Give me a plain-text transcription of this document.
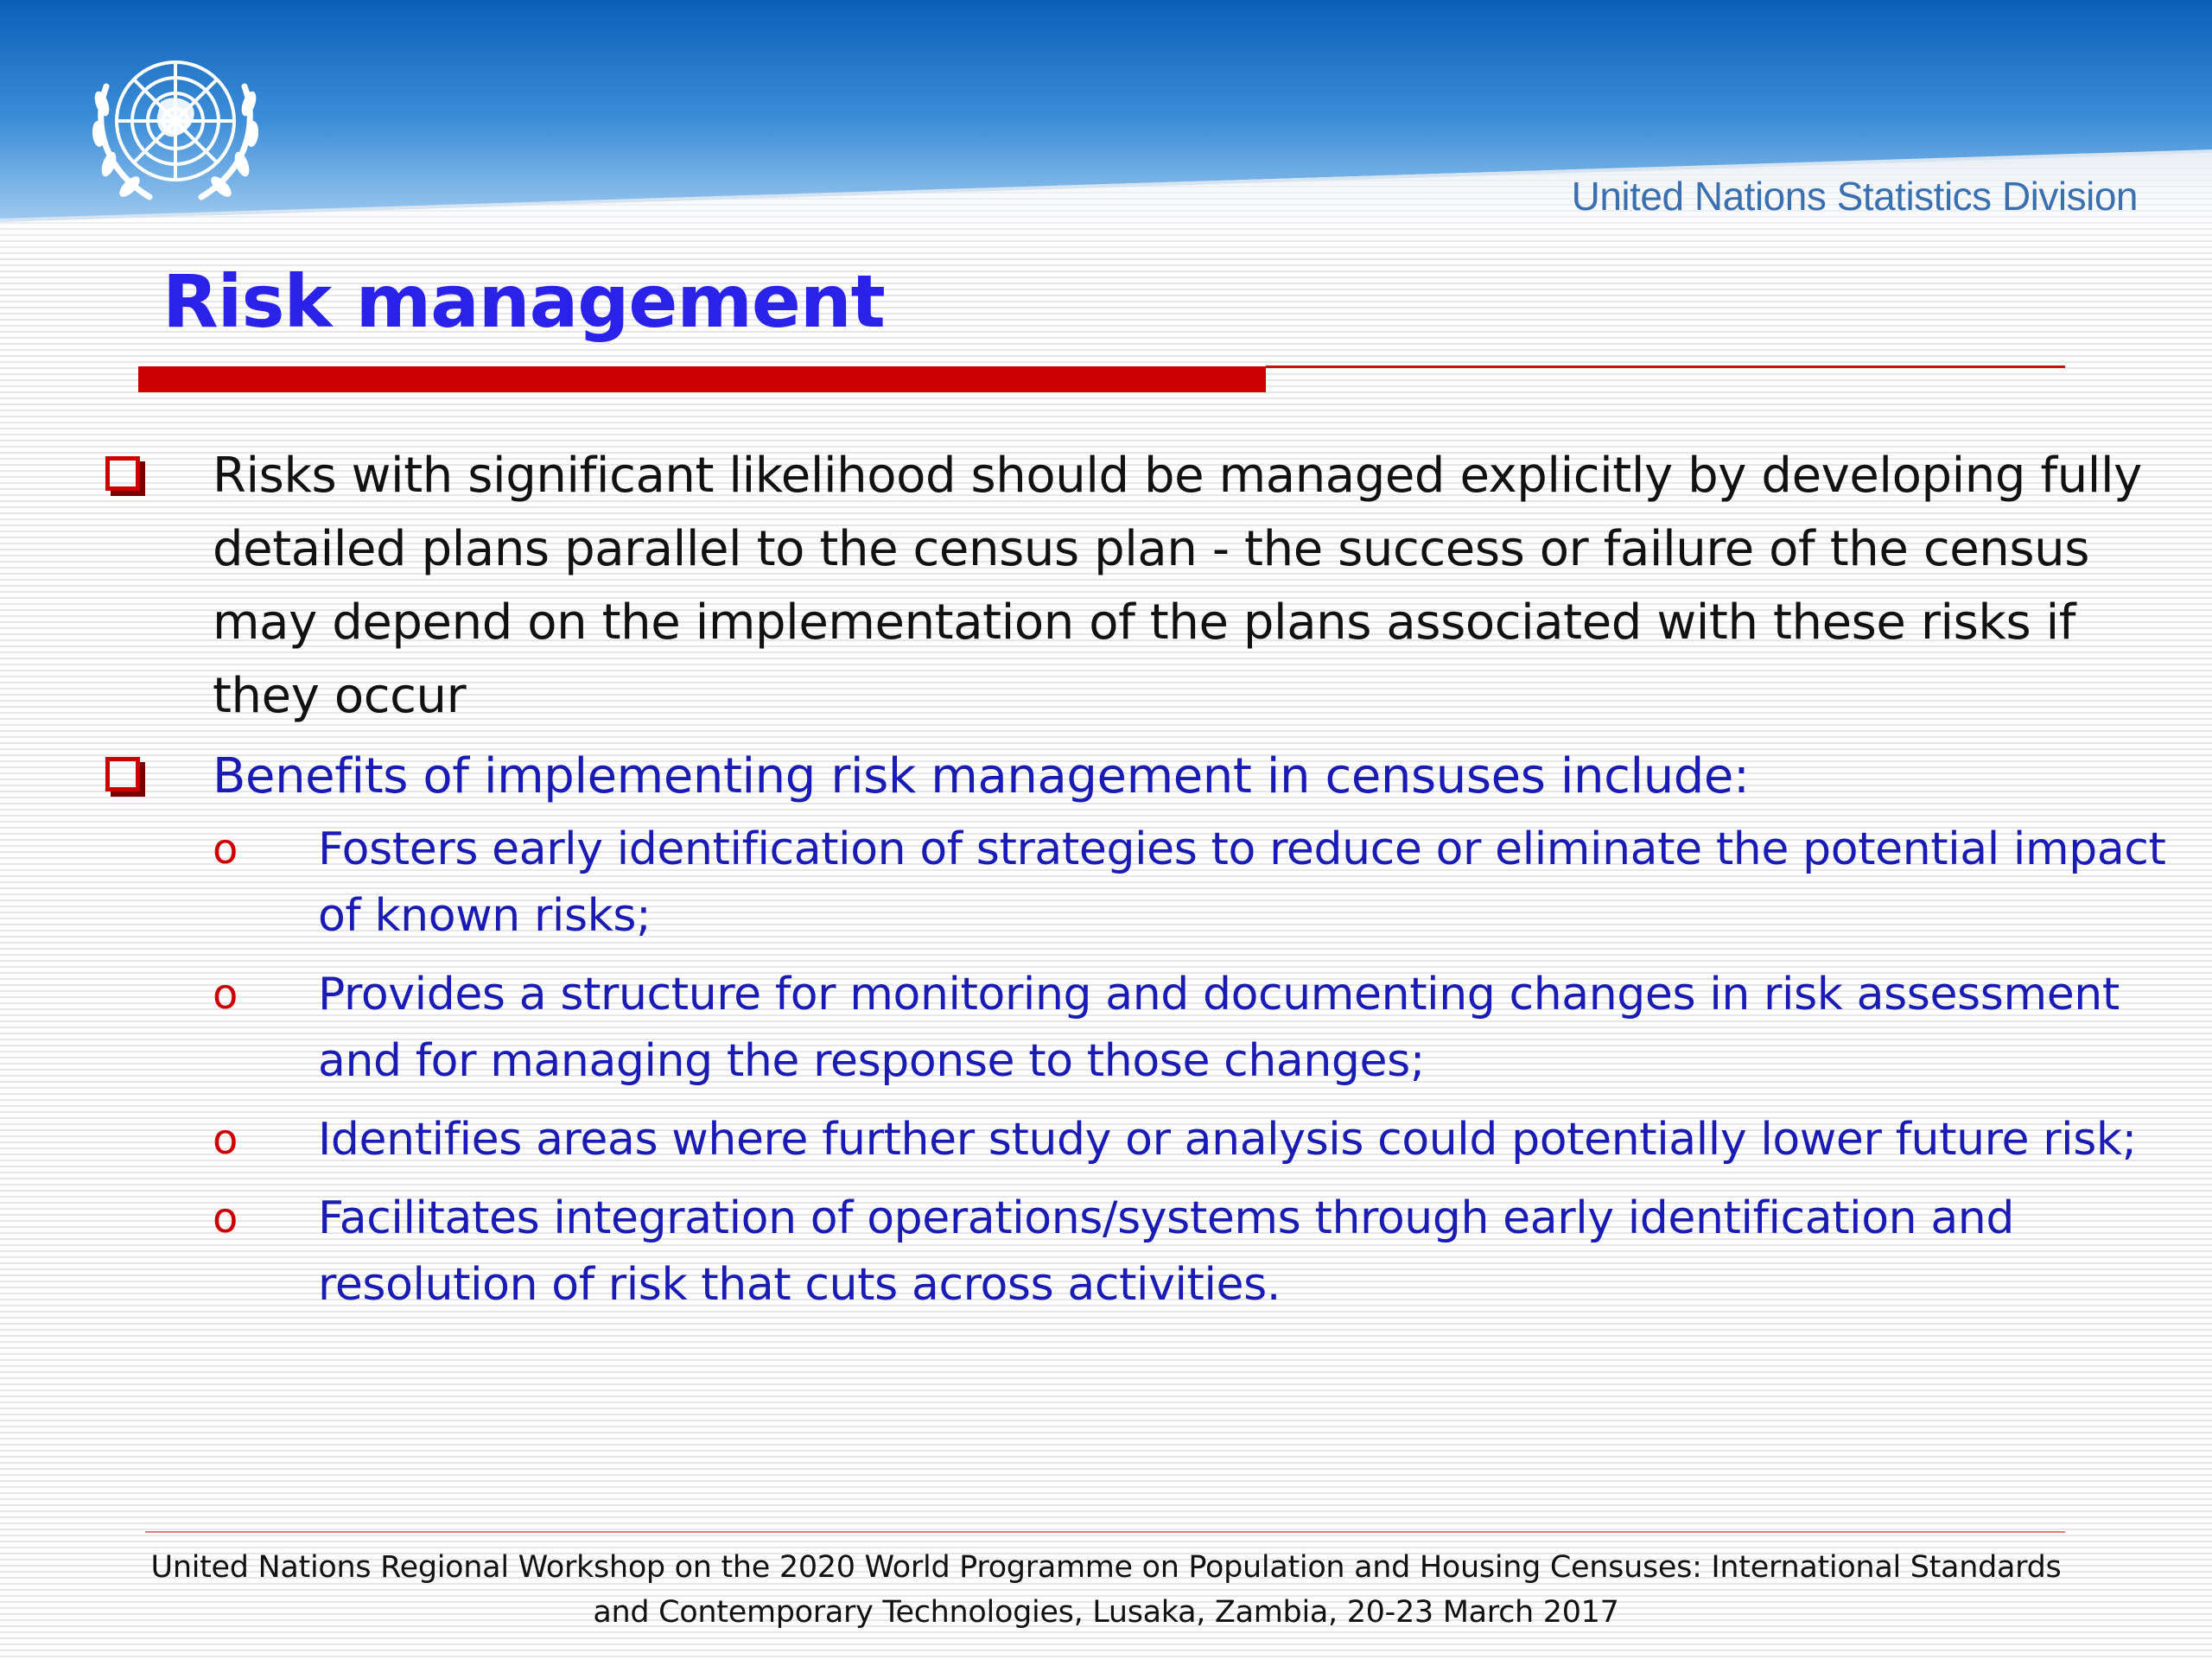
United Nations Statistics Division
Risk management
Risks with significant likelihood should be managed explicitly by developing fully detailed plans parallel to the census plan - the success or failure of the census may depend on the implementation of the plans associated with these risks if they occur
Benefits of implementing risk management in censuses include:
o Fosters early identification of strategies to reduce or eliminate the potential impact of known risks;
o Provides a structure for monitoring and documenting changes in risk assessment and for managing the response to those changes;
o Identifies areas where further study or analysis could potentially lower future risk;
o Facilitates integration of operations/systems through early identification and resolution of risk that cuts across activities.
United Nations Regional Workshop on the 2020 World Programme on Population and Housing Censuses: International Standards
and Contemporary Technologies, Lusaka, Zambia, 20-23 March 2017
